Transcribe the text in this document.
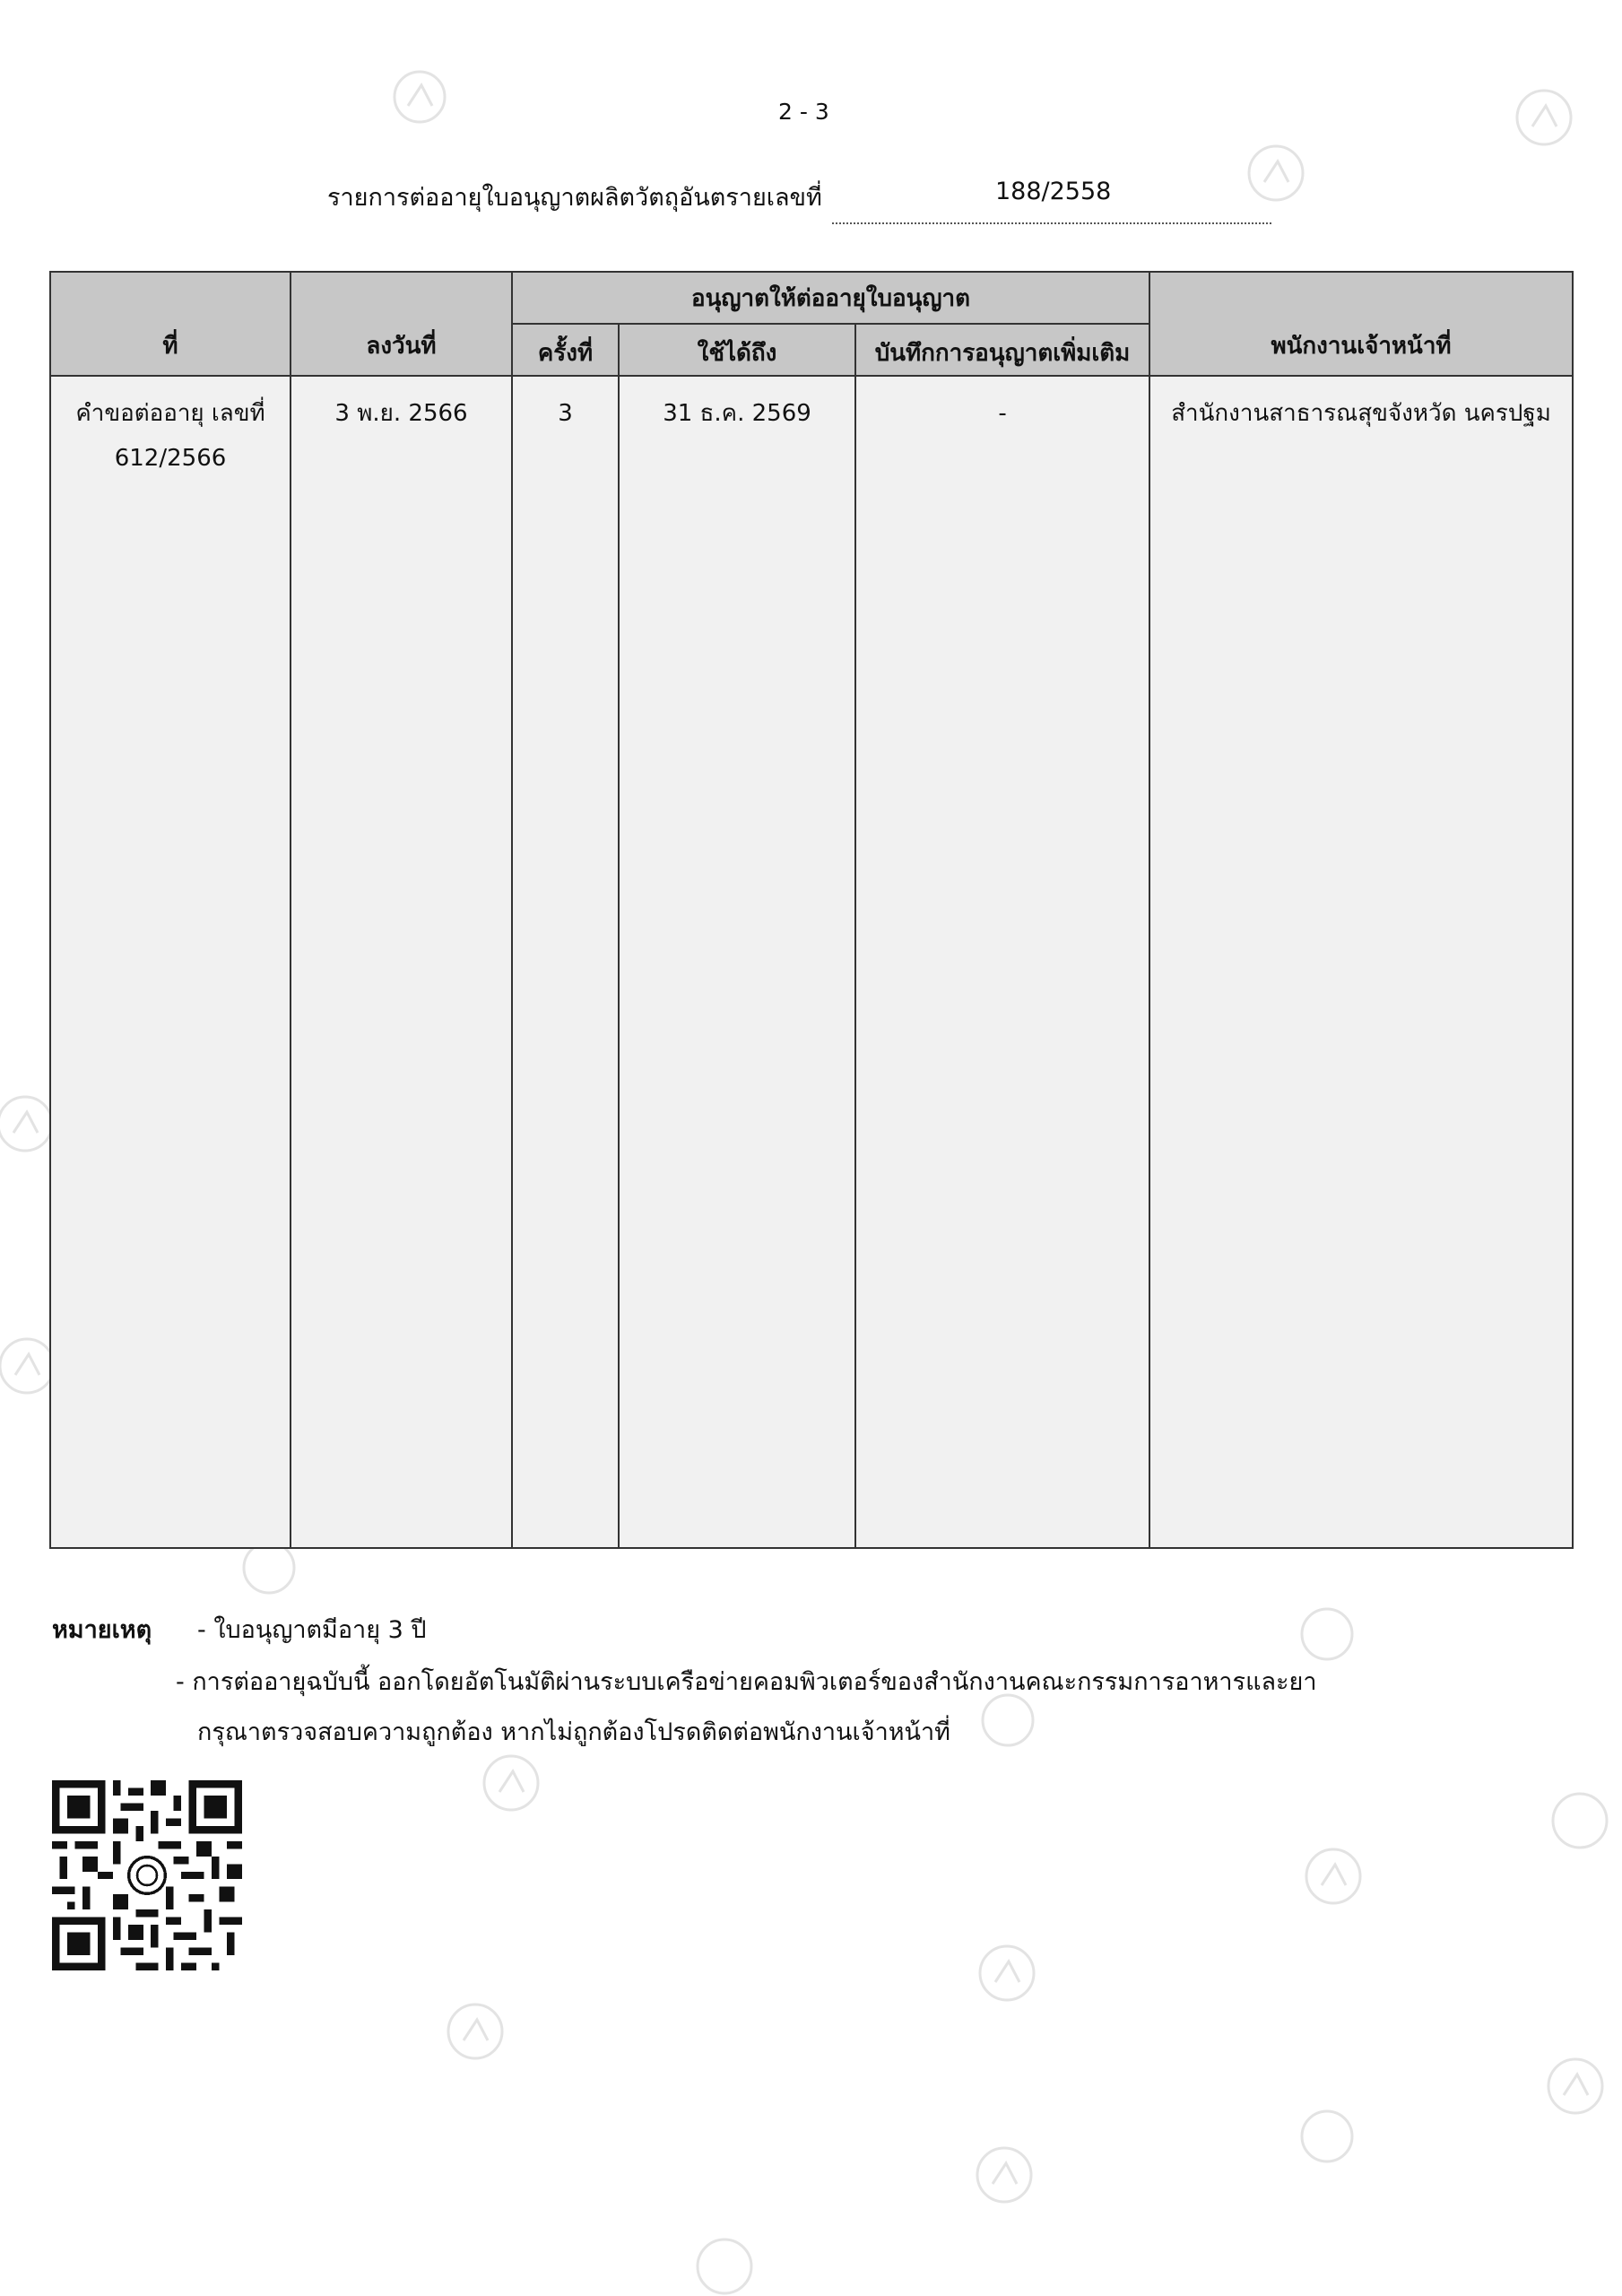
2 - 3
รายการต่ออายุใบอนุญาตผลิตวัตถุอันตรายเลขที่	188/2558
ที่	ลงวันที่	อนุญาตให้ต่ออายุใบอนุญาต			พนักงานเจ้าหน้าที่
		ครั้งที่	ใช้ได้ถึง	บันทึกการอนุญาตเพิ่มเติม	

คำขอต่ออายุ เลขที่
612/2566	3 พ.ย. 2566	3	31 ธ.ค. 2569	-	สำนักงานสาธารณสุขจังหวัด นครปฐม
หมายเหตุ - ใบอนุญาตมีอายุ 3 ปี
- การต่ออายุฉบับนี้ ออกโดยอัตโนมัติผ่านระบบเครือข่ายคอมพิวเตอร์ของสำนักงานคณะกรรมการอาหารและยา
กรุณาตรวจสอบความถูกต้อง หากไม่ถูกต้องโปรดติดต่อพนักงานเจ้าหน้าที่
